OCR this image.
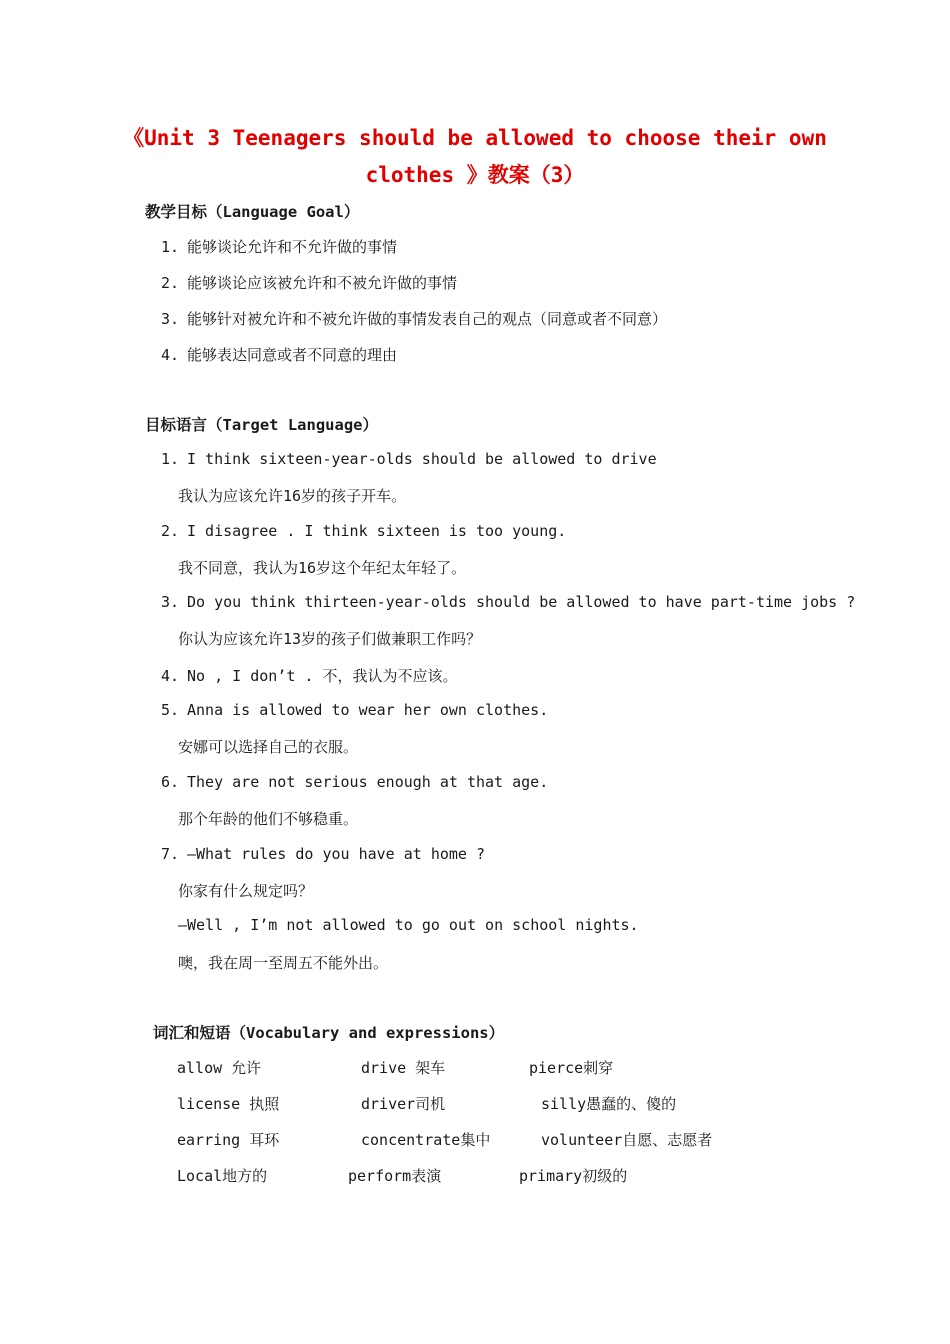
《Unit 3 Teenagers should be allowed to choose their own
clothes 》教案（3）
教学目标（Language Goal）
1. 能够谈论允许和不允许做的事情
2. 能够谈论应该被允许和不被允许做的事情
3. 能够针对被允许和不被允许做的事情发表自己的观点（同意或者不同意）
4. 能够表达同意或者不同意的理由
目标语言（Target Language）
1. I think sixteen-year-olds should be allowed to drive
我认为应该允许16岁的孩子开车。
2. I disagree . I think sixteen is too young.
我不同意，我认为16岁这个年纪太年轻了。
3. Do you think thirteen-year-olds should be allowed to have part-time jobs ?
你认为应该允许13岁的孩子们做兼职工作吗？
4. No , I don’t . 不，我认为不应该。
5. Anna is allowed to wear her own clothes.
安娜可以选择自己的衣服。
6. They are not serious enough at that age.
那个年龄的他们不够稳重。
7. —What rules do you have at home ?
你家有什么规定吗？
—Well , I’m not allowed to go out on school nights.
噢，我在周一至周五不能外出。
词汇和短语（Vocabulary and expressions）
allow 允许	drive 架车	pierce刺穿
license 执照	driver司机	silly愚蠢的、傻的
earring 耳环	concentrate集中	volunteer自愿、志愿者
Local地方的	perform表演	primary初级的
